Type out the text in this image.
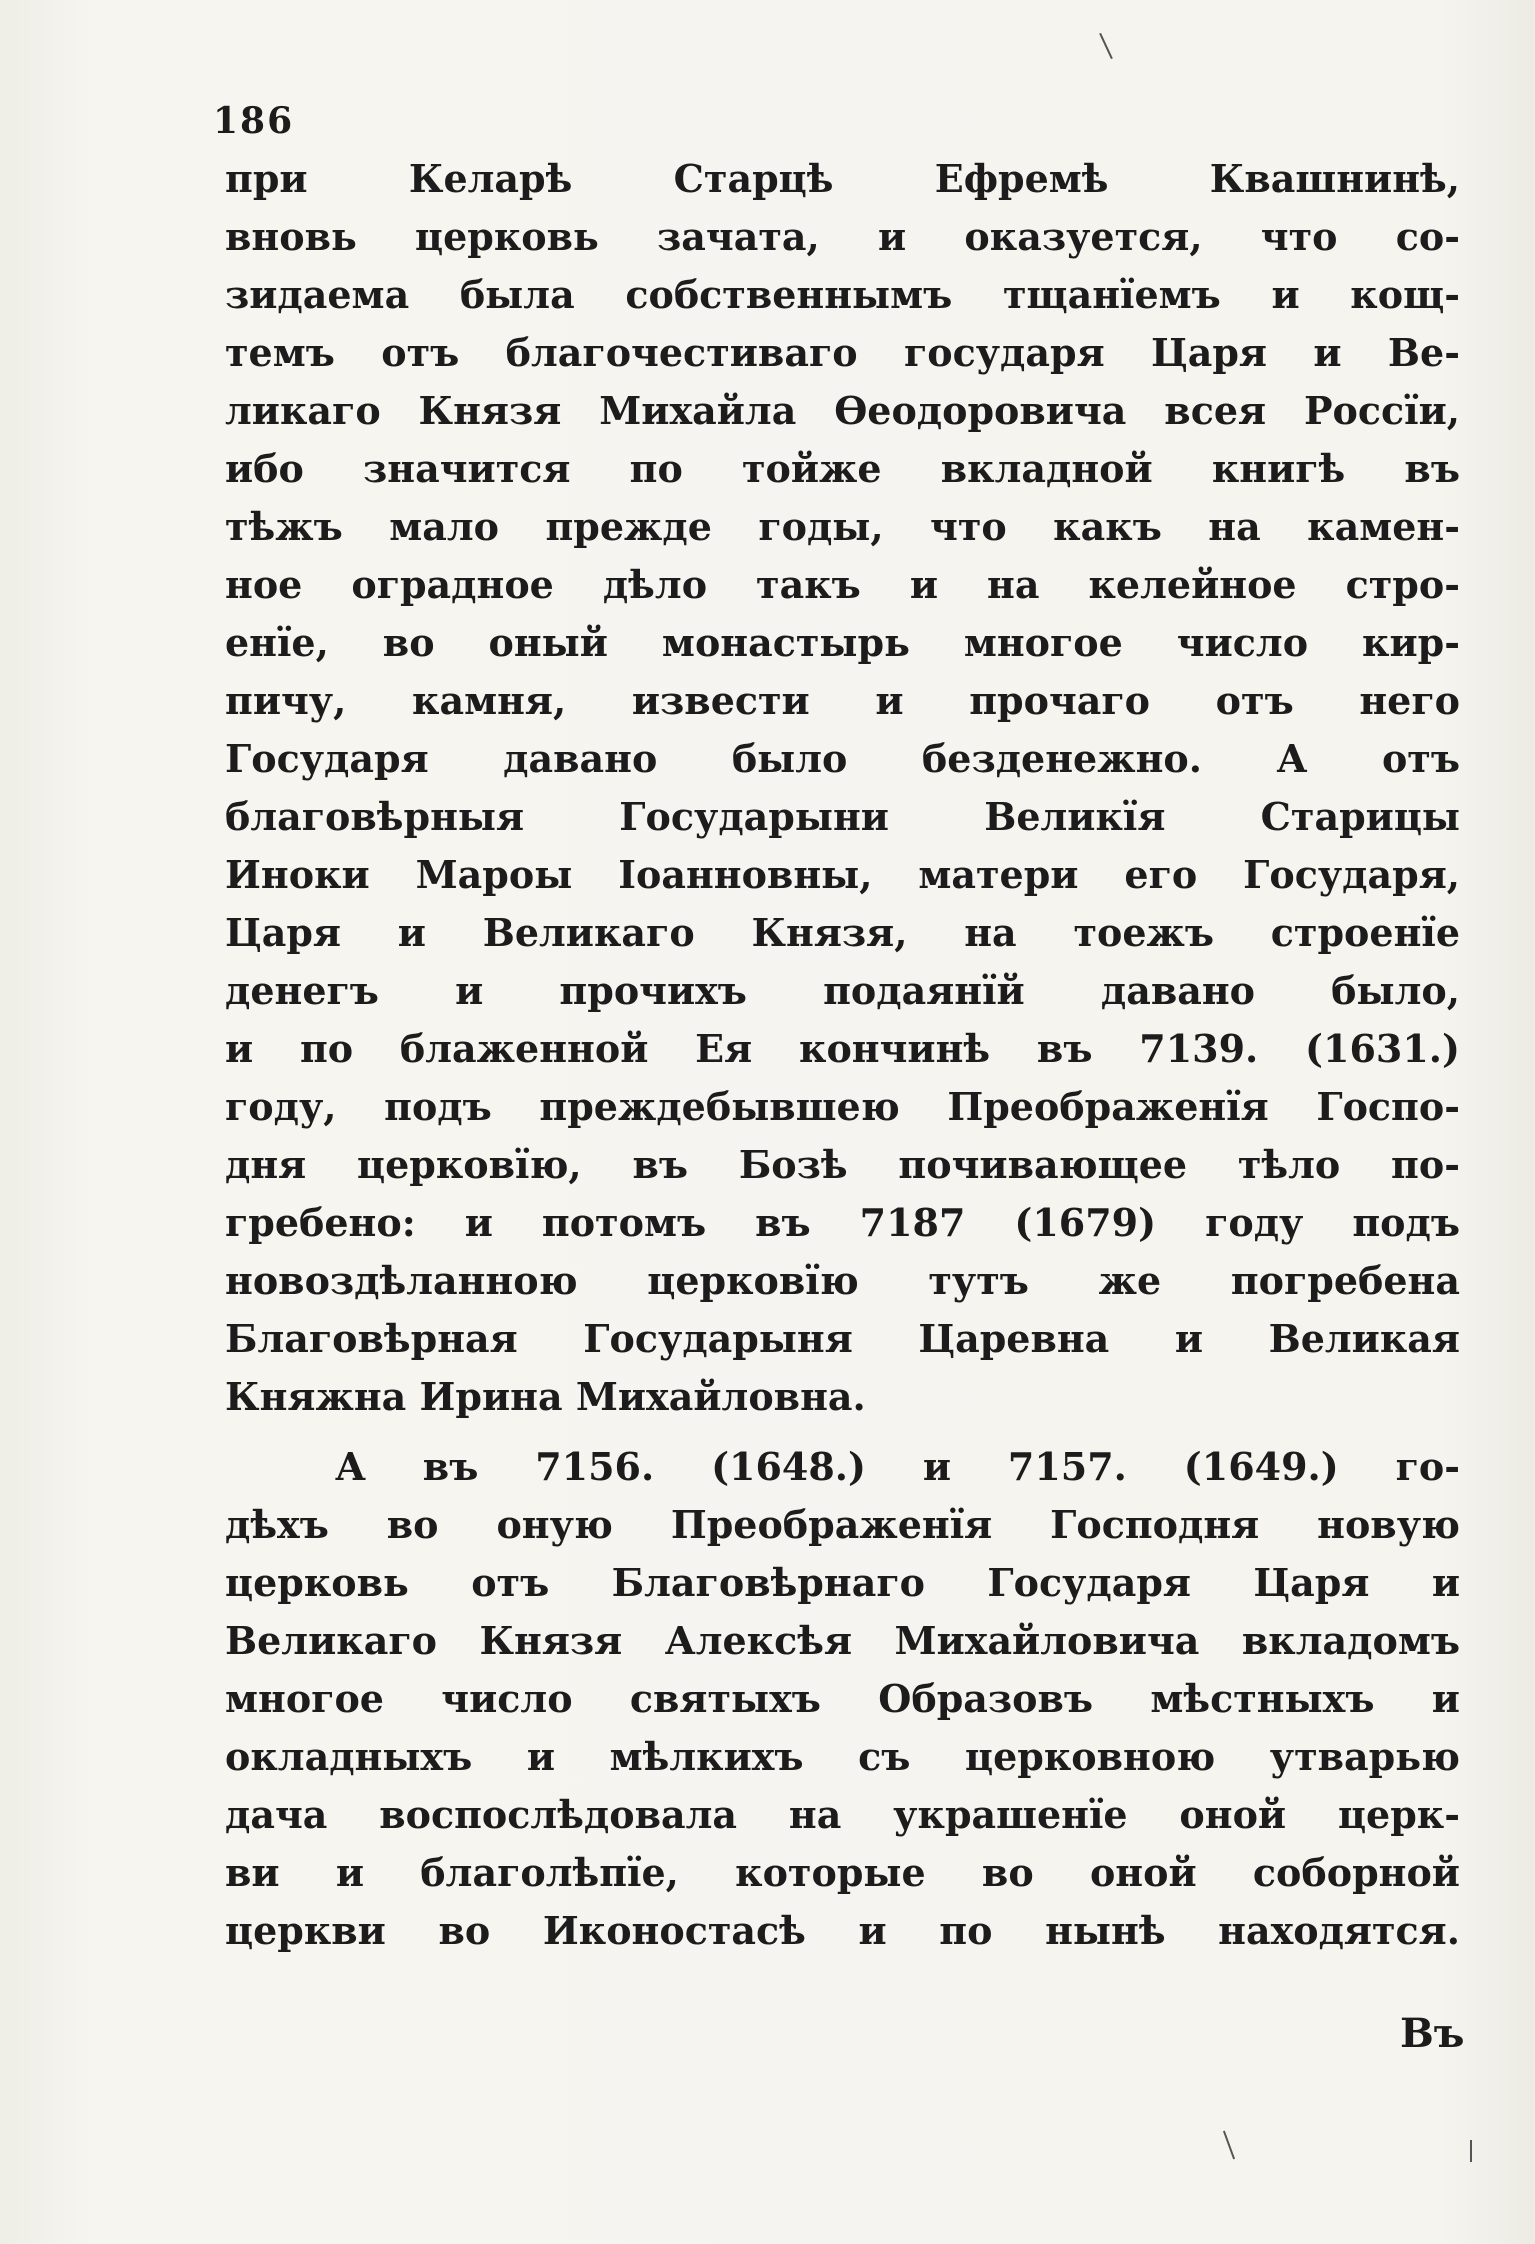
186
при Келарѣ Старцѣ Ефремѣ Квашнинѣ,
вновь церковь зачата, и оказуется, что со-
зидаема была собственнымъ тщанїемъ и кощ-
темъ отъ благочестиваго государя Царя и Ве-
ликаго Князя Михайла Ѳеодоровича всея Россїи,
ибо значится по тойже вкладной книгѣ въ
тѣжъ мало прежде годы, что какъ на камен-
ное оградное дѣло такъ и на келейное стро-
енїе, во оный монастырь многое число кир-
пичу, камня, извести и прочаго отъ него
Государя давано было безденежно. А отъ
благовѣрныя Государыни Великїя Старицы
Иноки Мароы Іоанновны, матери его Государя,
Царя и Великаго Князя, на тоежъ строенїе
денегъ и прочихъ подаянїй давано было,
и по блаженной Ея кончинѣ въ 7139. (1631.)
году, подъ преждебывшею Преображенїя Госпо-
дня церковїю, въ Бозѣ почивающее тѣло по-
гребено: и потомъ въ 7187 (1679) году подъ
новоздѣланною церковїю тутъ же погребена
Благовѣрная Государыня Царевна и Великая
Княжна Ирина Михайловна.
А въ 7156. (1648.) и 7157. (1649.) го-
дѣхъ во оную Преображенїя Господня новую
церковь отъ Благовѣрнаго Государя Царя и
Великаго Князя Алексѣя Михайловича вкладомъ
многое число святыхъ Образовъ мѣстныхъ и
окладныхъ и мѣлкихъ съ церковною утварью
дача воспослѣдовала на украшенїе оной церк-
ви и благолѣпїе, которые во оной соборной
церкви во Иконостасѣ и по нынѣ находятся.
Въ
